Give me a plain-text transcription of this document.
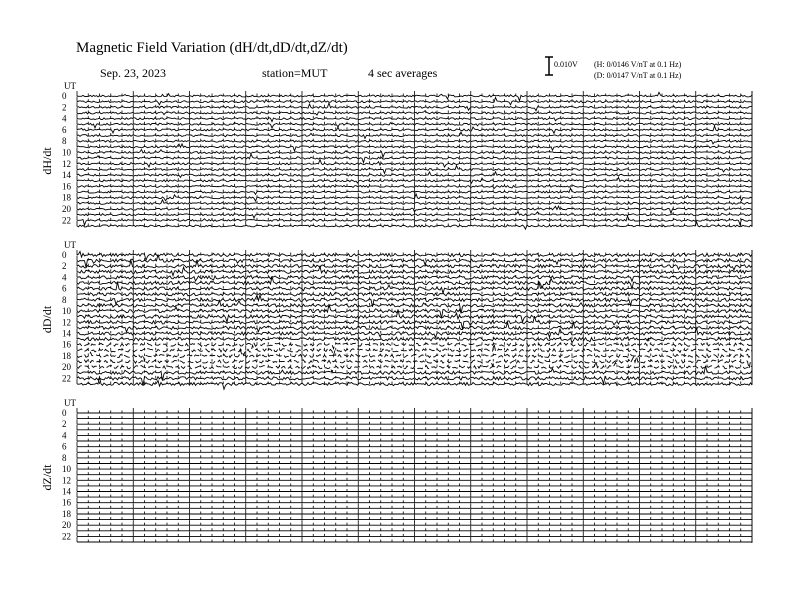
Magnetic Field Variation (dH/dt,dD/dt,dZ/dt)
Sep. 23, 2023	station=MUT	4 sec averages
0.010V (H: 0/0146 V/nT at 0.1 Hz)
(D: 0/0147 V/nT at 0.1 Hz)
UT
dH/dt
0
2
4
6
8
10
12
14
16
18
20
22
UT
dD/dt
0
2
4
6
8
10
12
14
16
18
20
22
UT
dZ/dt
0
2
4
6
8
10
12
14
16
18
20
22
